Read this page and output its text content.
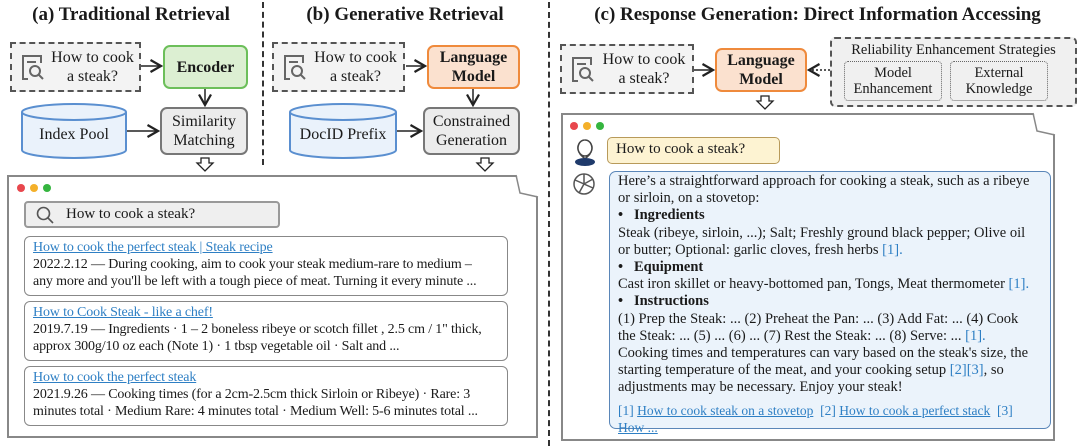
(a) Traditional Retrieval	(b) Generative Retrieval	(c) Response Generation: Direct Information Accessing
How to cook
a steak?
Encoder
Index Pool
Similarity
Matching
How to cook
a steak?
Language
Model
DocID Prefix
Constrained
Generation
How to cook a steak?
How to cook the perfect steak | Steak recipe
2022.2.12 — During cooking, aim to cook your steak medium-rare to medium –
any more and you'll be left with a tough piece of meat. Turning it every minute ...
How to Cook Steak - like a chef!
2019.7.19 — Ingredients · 1 – 2 boneless ribeye or scotch fillet , 2.5 cm / 1" thick,
approx 300g/10 oz each (Note 1) · 1 tbsp vegetable oil · Salt and ...
How to cook the perfect steak
2021.9.26 — Cooking times (for a 2cm-2.5cm thick Sirloin or Ribeye) · Rare: 3
minutes total · Medium Rare: 4 minutes total · Medium Well: 5-6 minutes total ...
How to cook
a steak?
Language
Model
Reliability Enhancement Strategies
Model
Enhancement
External
Knowledge
How to cook a steak?
Here’s a straightforward approach for cooking a steak, such as a ribeye
or sirloin, on a stovetop:
•   Ingredients
Steak (ribeye, sirloin, ...); Salt; Freshly ground black pepper; Olive oil
or butter; Optional: garlic cloves, fresh herbs [1].
•   Equipment
Cast iron skillet or heavy-bottomed pan, Tongs, Meat thermometer [1].
•   Instructions
(1) Prep the Steak: ... (2) Preheat the Pan: ... (3) Add Fat: ... (4) Cook
the Steak: ... (5) ... (6) ... (7) Rest the Steak: ... (8) Serve: ... [1].
Cooking times and temperatures can vary based on the steak's size, the
starting temperature of the meat, and your cooking setup [2][3], so
adjustments may be necessary. Enjoy your steak!
[1] How to cook steak on a stovetop [2] How to cook a perfect stack [3] How ...
